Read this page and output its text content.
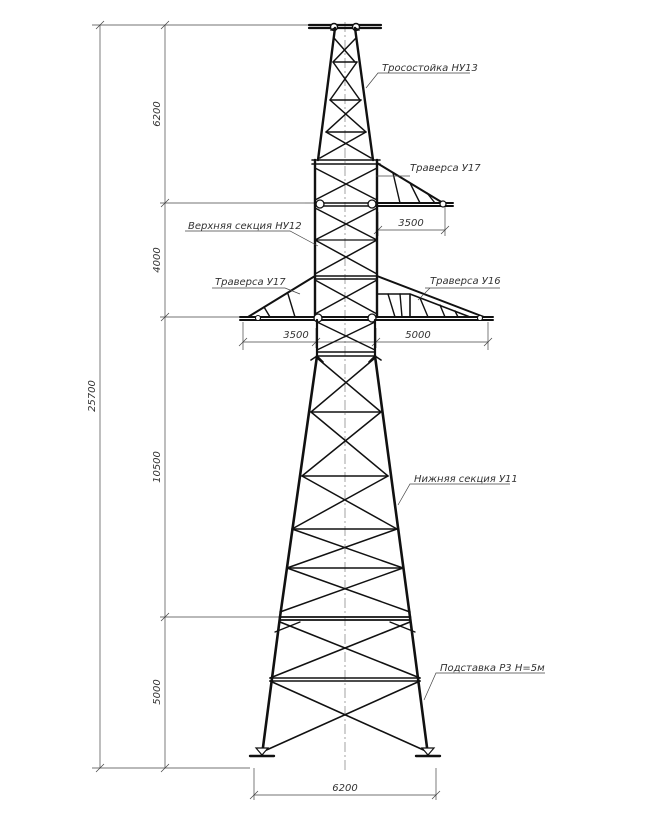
Тросостойка НУ13
Траверса У17
Верхняя секция НУ12
Траверса У17	Траверса У16
Нижняя секция У11
Подставка Р3 Н=5м
25700
6200
4000
10500
5000
3500
3500	5000
6200
